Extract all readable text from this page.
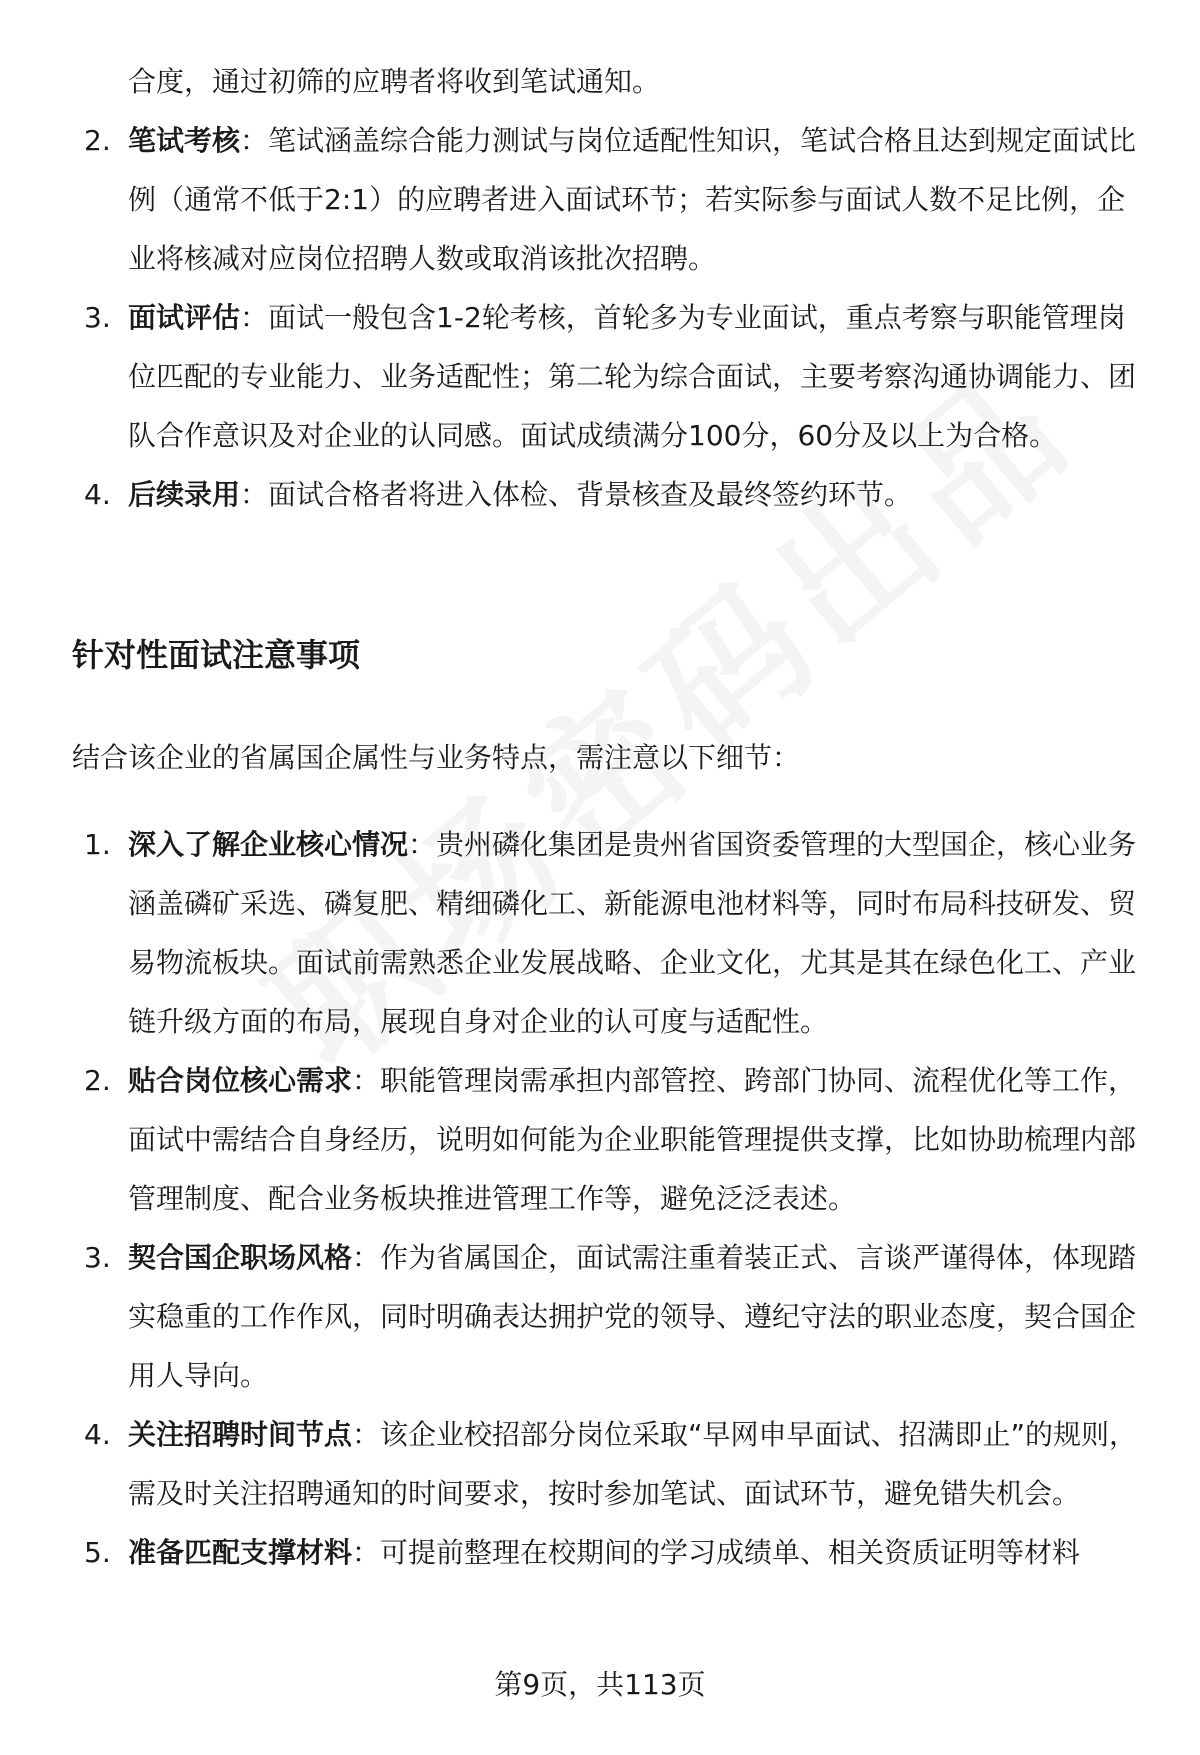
合度，通过初筛的应聘者将收到笔试通知。

2. 笔试考核：笔试涵盖综合能力测试与岗位适配性知识，笔试合格且达到规定面试比例（通常不低于2:1）的应聘者进入面试环节；若实际参与面试人数不足比例，企业将核减对应岗位招聘人数或取消该批次招聘。
3. 面试评估：面试一般包含1-2轮考核，首轮多为专业面试，重点考察与职能管理岗位匹配的专业能力、业务适配性；第二轮为综合面试，主要考察沟通协调能力、团队合作意识及对企业的认同感。面试成绩满分100分，60分及以上为合格。
4. 后续录用：面试合格者将进入体检、背景核查及最终签约环节。
针对性面试注意事项

结合该企业的省属国企属性与业务特点，需注意以下细节：

1. 深入了解企业核心情况：贵州磷化集团是贵州省国资委管理的大型国企，核心业务涵盖磷矿采选、磷复肥、精细磷化工、新能源电池材料等，同时布局科技研发、贸易物流板块。面试前需熟悉企业发展战略、企业文化，尤其是其在绿色化工、产业链升级方面的布局，展现自身对企业的认可度与适配性。
2. 贴合岗位核心需求：职能管理岗需承担内部管控、跨部门协同、流程优化等工作，面试中需结合自身经历，说明如何能为企业职能管理提供支撑，比如协助梳理内部管理制度、配合业务板块推进管理工作等，避免泛泛表述。
3. 契合国企职场风格：作为省属国企，面试需注重着装正式、言谈严谨得体，体现踏实稳重的工作作风，同时明确表达拥护党的领导、遵纪守法的职业态度，契合国企用人导向。
4. 关注招聘时间节点：该企业校招部分岗位采取“早网申早面试、招满即止”的规则，需及时关注招聘通知的时间要求，按时参加笔试、面试环节，避免错失机会。
5. 准备匹配支撑材料：可提前整理在校期间的学习成绩单、相关资质证明等材料
第9页，共113页
